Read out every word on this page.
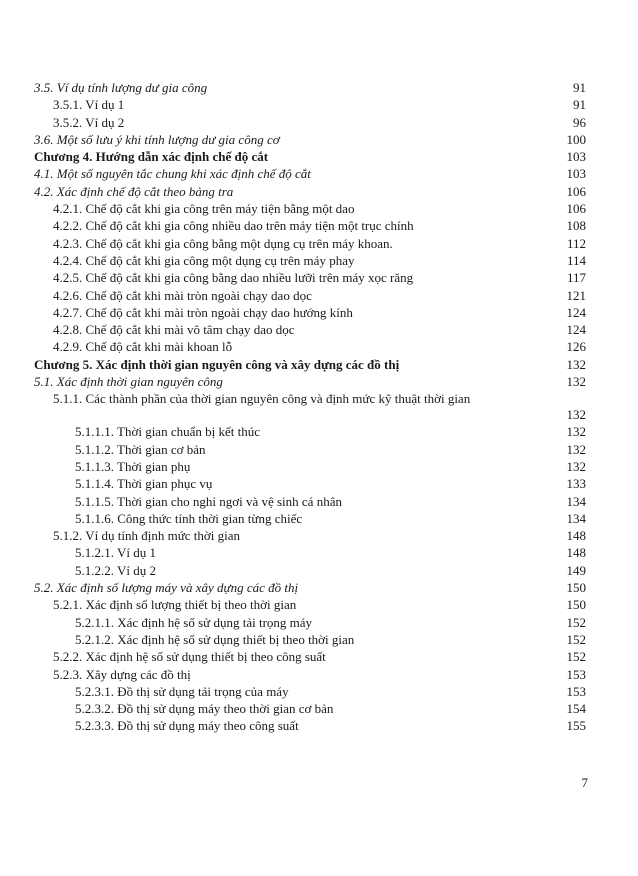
3.5. Ví dụ tính lượng dư gia công	91
3.5.1. Ví dụ 1	91
3.5.2. Ví dụ 2	96
3.6. Một số lưu ý khi tính lượng dư gia công cơ	100
Chương 4. Hướng dẫn xác định chế độ cắt	103
4.1. Một số nguyên tắc chung khi xác định chế độ cắt	103
4.2. Xác định chế độ cắt theo bảng tra	106
4.2.1. Chế độ cắt khi gia công trên máy tiện bằng một dao	106
4.2.2. Chế độ cắt khi gia công nhiều dao trên máy tiện một trục chính	108
4.2.3. Chế độ cắt khi gia công bằng một dụng cụ trên máy khoan.	112
4.2.4. Chế độ cắt khi gia công một dụng cụ trên máy phay	114
4.2.5. Chế độ cắt khi gia công bằng dao nhiều lưỡi trên máy xọc răng	117
4.2.6. Chế độ cắt khi mài tròn ngoài chạy dao dọc	121
4.2.7. Chế độ cắt khi mài tròn ngoài chạy dao hướng kính	124
4.2.8. Chế độ cắt khi mài vô tâm chạy dao dọc	124
4.2.9. Chế độ cắt khi mài khoan lỗ	126
Chương 5. Xác định thời gian nguyên công và xây dựng các đồ thị	132
5.1. Xác định thời gian nguyên công	132
5.1.1. Các thành phần của thời gian nguyên công và định mức kỹ thuật thời gian
132
5.1.1.1. Thời gian chuẩn bị kết thúc	132
5.1.1.2. Thời gian cơ bản	132
5.1.1.3. Thời gian phụ	132
5.1.1.4. Thời gian phục vụ	133
5.1.1.5. Thời gian cho nghỉ ngơi và vệ sinh cá nhân	134
5.1.1.6. Công thức tính thời gian từng chiếc	134
5.1.2. Ví dụ tính định mức thời gian	148
5.1.2.1. Ví dụ 1	148
5.1.2.2. Ví dụ 2	149
5.2. Xác định số lượng máy và xây dựng các đồ thị	150
5.2.1. Xác định số lượng thiết bị theo thời gian	150
5.2.1.1. Xác định hệ số sử dụng tải trọng máy	152
5.2.1.2. Xác định hệ số sử dụng thiết bị theo thời gian	152
5.2.2. Xác định hệ số sử dụng thiết bị theo công suất	152
5.2.3. Xây dựng các đồ thị	153
5.2.3.1. Đồ thị sử dụng tải trọng của máy	153
5.2.3.2. Đồ thị sử dụng máy theo thời gian cơ bản	154
5.2.3.3. Đồ thị sử dụng máy theo công suất	155
7
